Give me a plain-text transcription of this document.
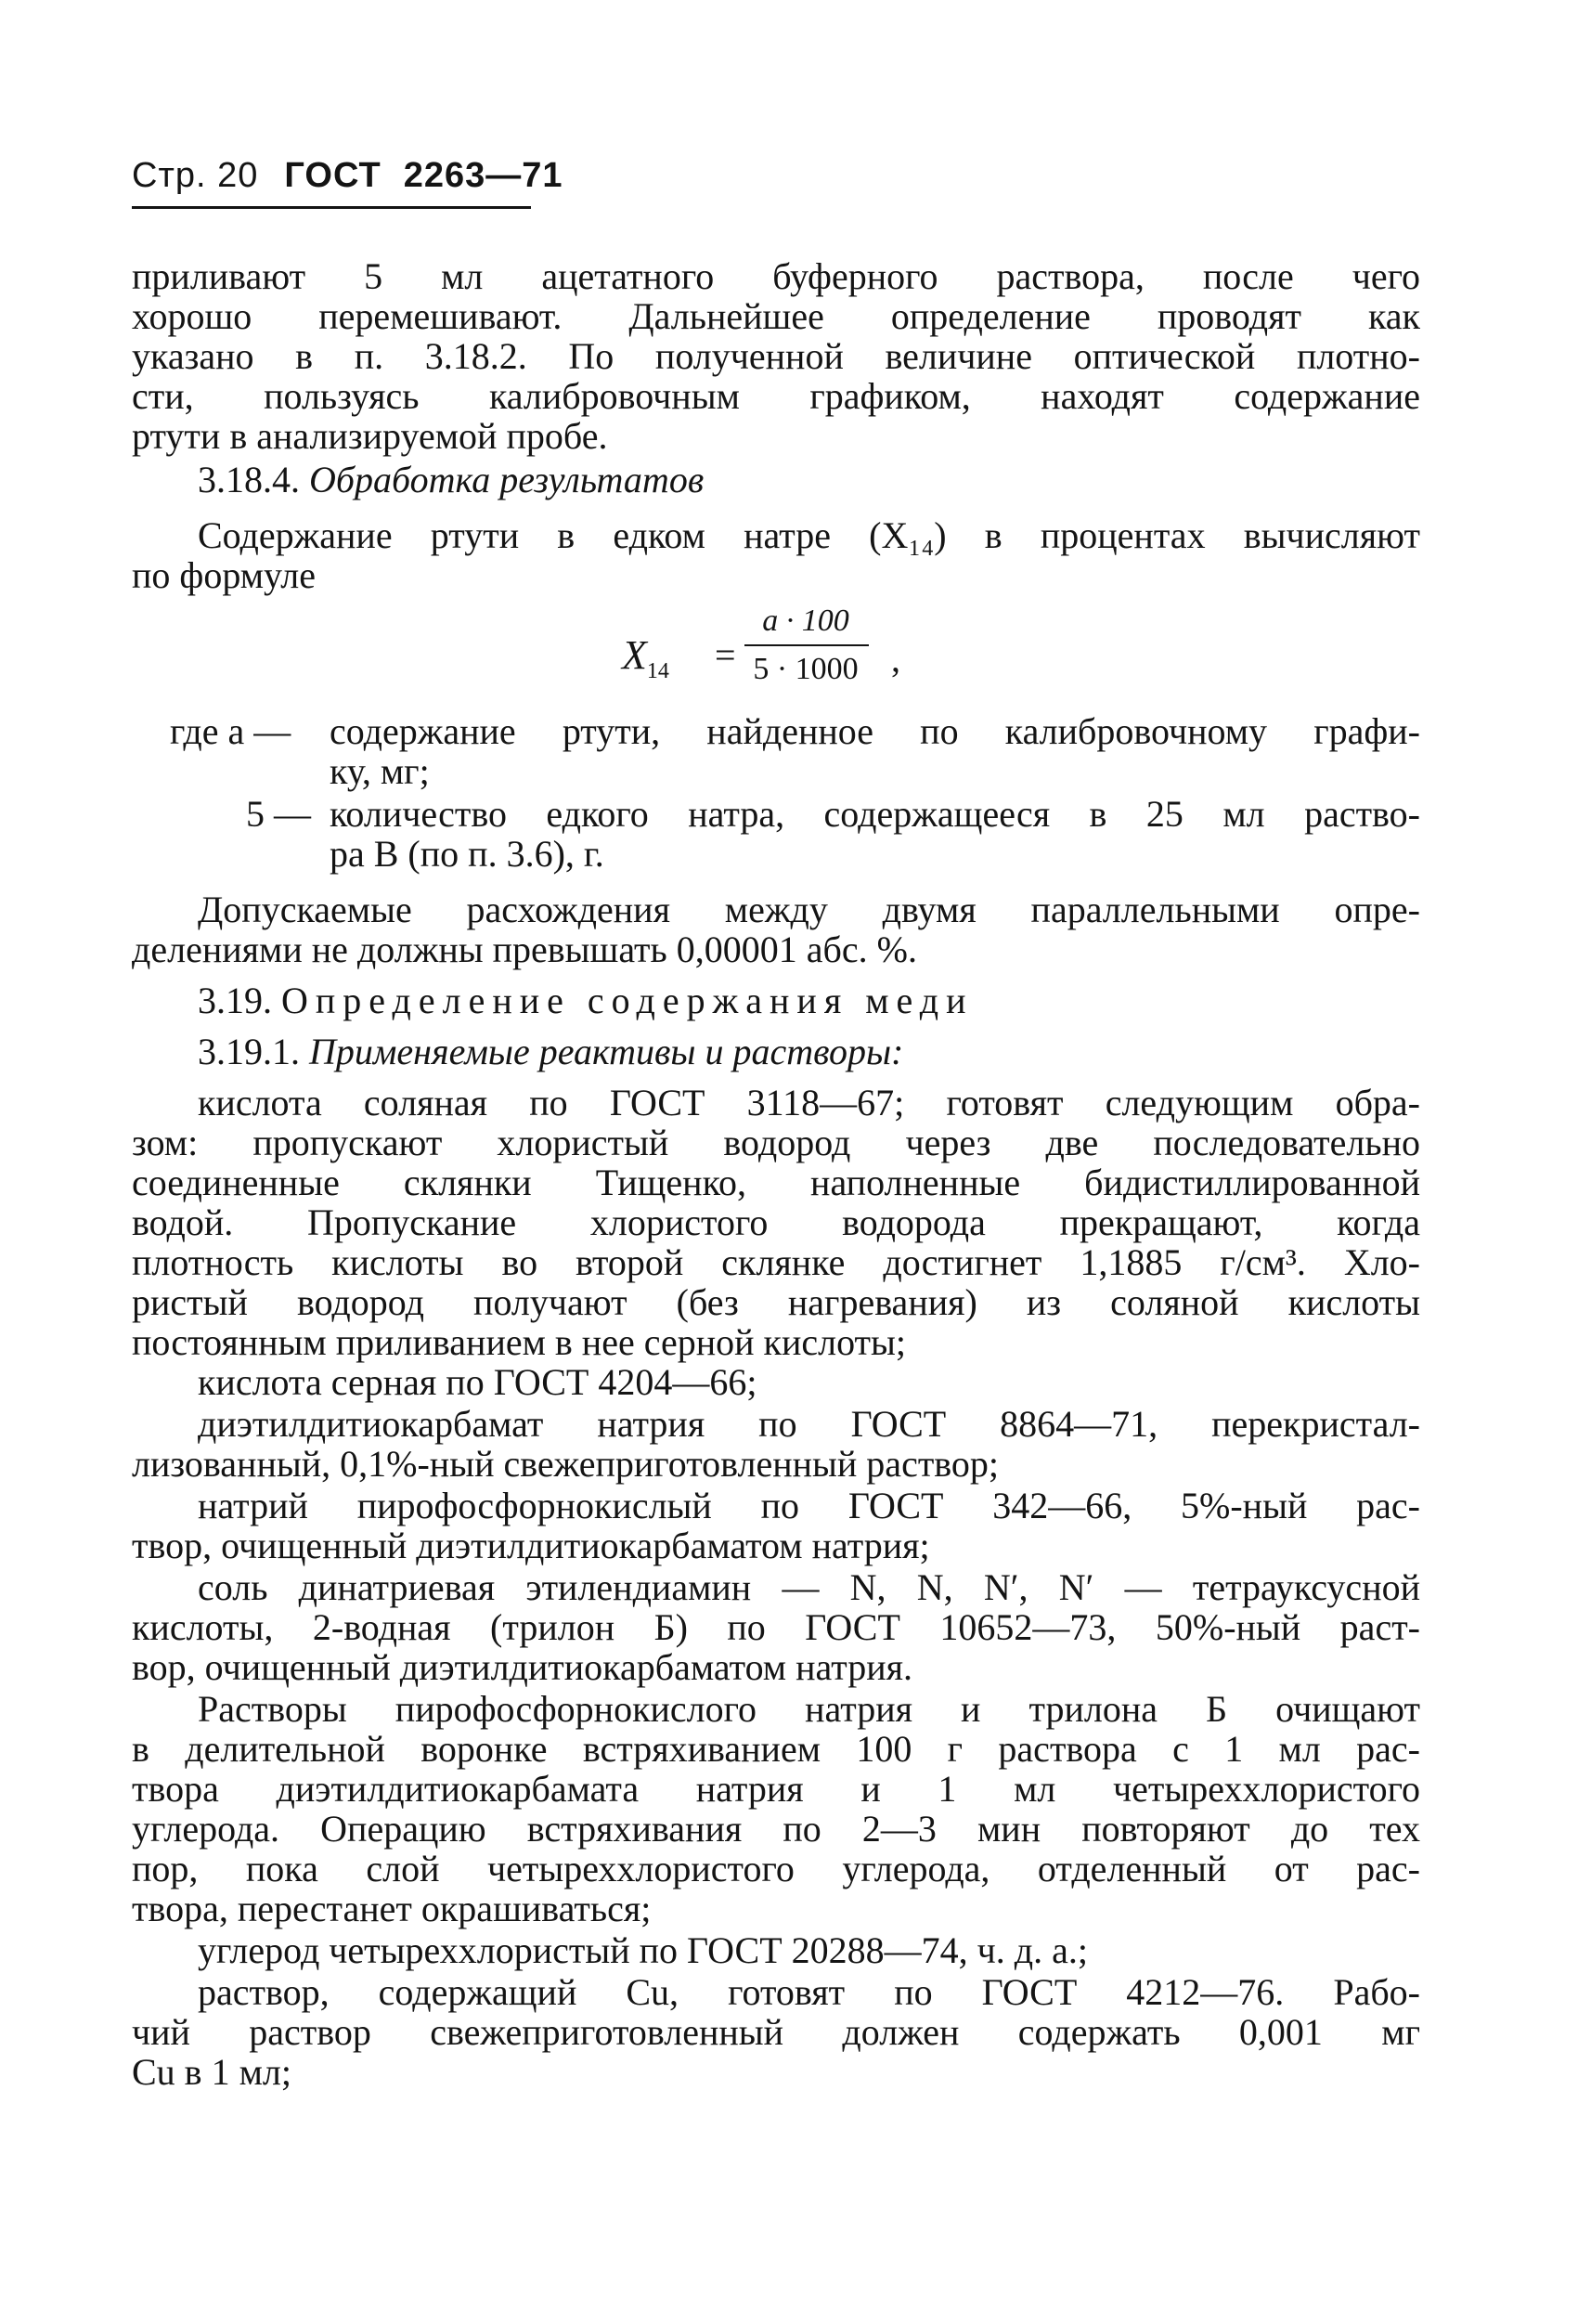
Стр. 20 ГОСТ 2263—71

приливают 5 мл ацетатного буферного раствора, после чего

хорошо перемешивают. Дальнейшее определение проводят как

указано в п. 3.18.2. По полученной величине оптической плотно-

сти, пользуясь калибровочным графиком, находят содержание

ртути в анализируемой пробе.

3.18.4. Обработка результатов

Содержание ртути в едком натре (X₁₄) в процентах вычисляют

по формуле

$X_{14}$ =
a · 100
5 · 1000 ,
где a — содержание ртути, найденное по калибровочному графи-
ку, мг;
5 — количество едкого натра, содержащееся в 25 мл раство-
ра B (по п. 3.6), г.

Допускаемые расхождения между двумя параллельными опре-

делениями не должны превышать 0,00001 абс. %.

3.19. Определение содержания меди

3.19.1. Применяемые реактивы и растворы:

кислота соляная по ГОСТ 3118—67; готовят следующим обра-

зом: пропускают хлористый водород через две последовательно

соединенные склянки Тищенко, наполненные бидистиллированной

водой. Пропускание хлористого водорода прекращают, когда

плотность кислоты во второй склянке достигнет 1,1885 г/см³. Хло-

ристый водород получают (без нагревания) из соляной кислоты

постоянным приливанием в нее серной кислоты;

кислота серная по ГОСТ 4204—66;

диэтилдитиокарбамат натрия по ГОСТ 8864—71, перекристал-

лизованный, 0,1%-ный свежеприготовленный раствор;

натрий пирофосфорнокислый по ГОСТ 342—66, 5%-ный рас-

твор, очищенный диэтилдитиокарбаматом натрия;

соль динатриевая этилендиамин — N, N, N′, N′ — тетрауксусной

кислоты, 2-водная (трилон Б) по ГОСТ 10652—73, 50%-ный раст-

вор, очищенный диэтилдитиокарбаматом натрия.

Растворы пирофосфорнокислого натрия и трилона Б очищают

в делительной воронке встряхиванием 100 г раствора с 1 мл рас-

твора диэтилдитиокарбамата натрия и 1 мл четыреххлористого

углерода. Операцию встряхивания по 2—3 мин повторяют до тех

пор, пока слой четыреххлористого углерода, отделенный от рас-

твора, перестанет окрашиваться;

углерод четыреххлористый по ГОСТ 20288—74, ч. д. а.;

раствор, содержащий Cu, готовят по ГОСТ 4212—76. Рабо-

чий раствор свежеприготовленный должен содержать 0,001 мг

Cu в 1 мл;
